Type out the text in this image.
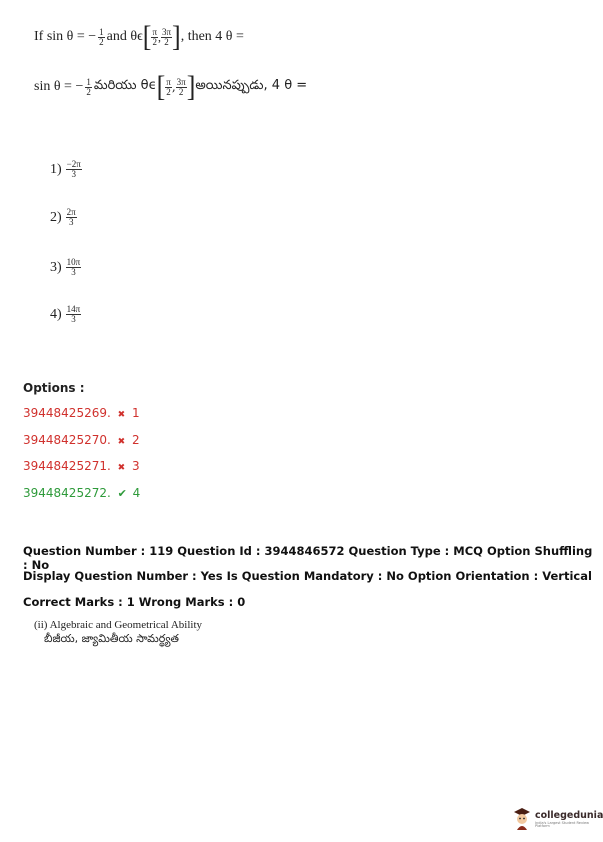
If sin θ = − $\frac{1}{2}$ and θϵ [ $\frac{\pi}{2}$ , $\frac{3\pi}{2}$ ] , then 4 θ =
sin θ = − $\frac{1}{2}$ మరియు θϵ [ $\frac{\pi}{2}$ , $\frac{3\pi}{2}$ ] అయినప్పుడు, 4 θ =
$1) \frac{-2\pi}{3}$
$2) \frac{2\pi}{3}$
$3) \frac{10\pi}{3}$
$4) \frac{14\pi}{3}$
Options :
39448425269. ✖ 1
39448425270. ✖ 2
39448425271. ✖ 3
39448425272. ✔ 4
Question Number : 119 Question Id : 3944846572 Question Type : MCQ Option Shuffling : No
Display Question Number : Yes Is Question Mandatory : No Option Orientation : Vertical
Correct Marks : 1 Wrong Marks : 0
(ii) Algebraic and Geometrical Ability
బీజీయ, జ్యామితీయ సామర్థ్యత
collegedunia
India's Largest Student Review Platform
